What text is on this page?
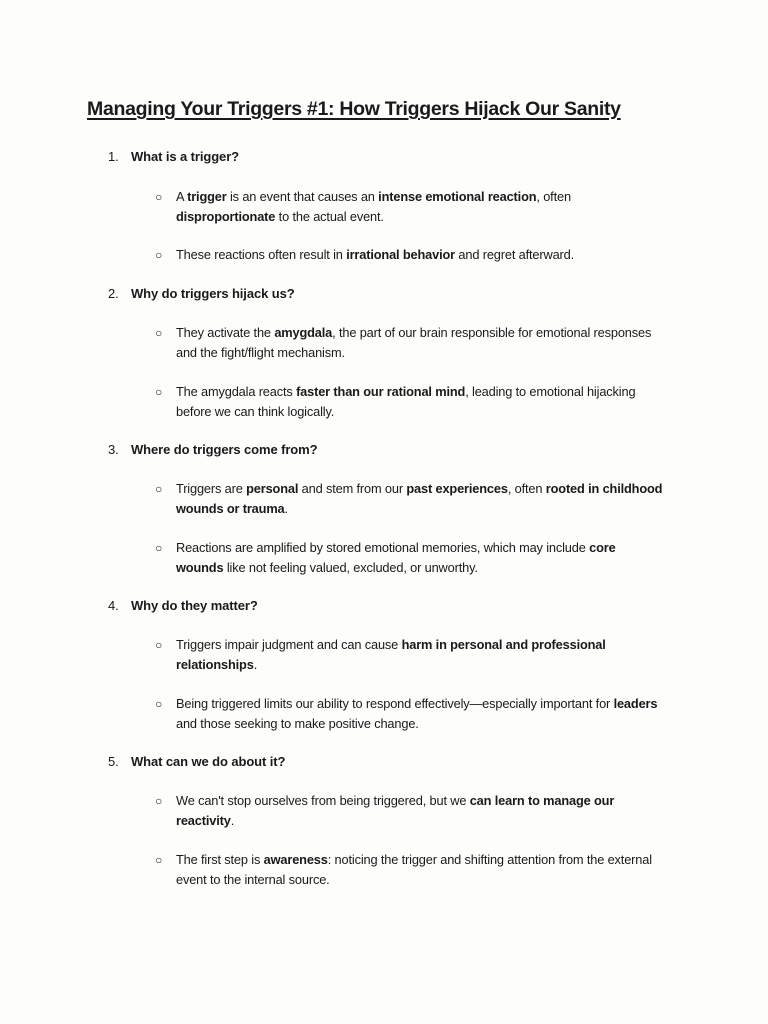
Managing Your Triggers #1: How Triggers Hijack Our Sanity
1. What is a trigger?
○ A trigger is an event that causes an intense emotional reaction, often disproportionate to the actual event.
○ These reactions often result in irrational behavior and regret afterward.
2. Why do triggers hijack us?
○ They activate the amygdala, the part of our brain responsible for emotional responses and the fight/flight mechanism.
○ The amygdala reacts faster than our rational mind, leading to emotional hijacking before we can think logically.
3. Where do triggers come from?
○ Triggers are personal and stem from our past experiences, often rooted in childhood wounds or trauma.
○ Reactions are amplified by stored emotional memories, which may include core wounds like not feeling valued, excluded, or unworthy.
4. Why do they matter?
○ Triggers impair judgment and can cause harm in personal and professional relationships.
○ Being triggered limits our ability to respond effectively—especially important for leaders and those seeking to make positive change.
5. What can we do about it?
○ We can't stop ourselves from being triggered, but we can learn to manage our reactivity.
○ The first step is awareness: noticing the trigger and shifting attention from the external event to the internal source.
